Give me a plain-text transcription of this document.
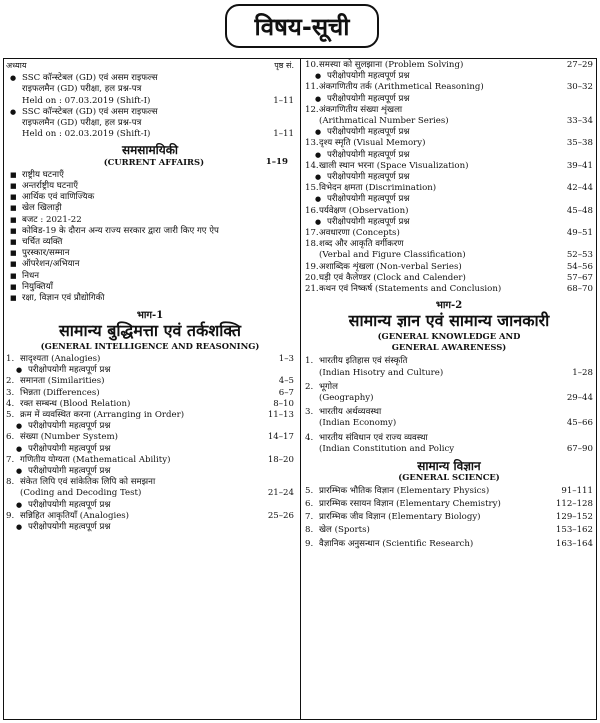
विषय-सूची
अध्याय	पृष्ठ सं.
● SSC कॉन्स्टेबल (GD) एवं असम राइफल्स
राइफलमैन (GD) परीक्षा, हल प्रश्न-पत्र
Held on : 07.03.2019 (Shift-I)	1–11
● SSC कॉन्स्टेबल (GD) एवं असम राइफल्स
राइफलमैन (GD) परीक्षा, हल प्रश्न-पत्र
Held on : 02.03.2019 (Shift-I)	1–11
समसामयिकी
(CURRENT AFFAIRS)	1–19
■ राष्ट्रीय घटनाएँ
■ अन्तर्राष्ट्रीय घटनाएँ
■ आर्थिक एवं वाणिज्यिक
■ खेल खिलाड़ी
■ बजट : 2021-22
■ कोविड-19 के दौरान अन्य राज्य सरकार द्वारा जारी किए गए ऐप
■ चर्चित व्यक्ति
■ पुरस्कार/सम्मान
■ ऑपरेशन/अभियान
■ निधन
■ नियुक्तियाँ
■ रक्षा, विज्ञान एवं प्रौद्योगिकी
भाग-1
सामान्य बुद्धिमत्ता एवं तर्कशक्ति
(GENERAL INTELLIGENCE AND REASONING)
1. सादृश्यता (Analogies)	1–3
● परीक्षोपयोगी महत्वपूर्ण प्रश्न
2. समानता (Similarities)	4–5
3. भिन्नता (Differences)	6–7
4. रक्त सम्बन्ध (Blood Relation)	8–10
5. क्रम में व्यवस्थित करना (Arranging in Order)	11–13
● परीक्षोपयोगी महत्वपूर्ण प्रश्न
6. संख्या (Number System)	14–17
● परीक्षोपयोगी महत्वपूर्ण प्रश्न
7. गणितीय योग्यता (Mathematical Ability)	18–20
● परीक्षोपयोगी महत्वपूर्ण प्रश्न
8. संकेत लिपि एवं सांकेतिक लिपि को समझना
(Coding and Decoding Test)	21–24
● परीक्षोपयोगी महत्वपूर्ण प्रश्न
9. सन्निहित आकृतियाँ (Analogies)	25–26
● परीक्षोपयोगी महत्वपूर्ण प्रश्न
10. समस्या को सुलझाना (Problem Solving)	27–29
● परीक्षोपयोगी महत्वपूर्ण प्रश्न
11. अंकगणितीय तर्क (Arithmetical Reasoning)	30–32
● परीक्षोपयोगी महत्वपूर्ण प्रश्न
12. अंकगणितीय संख्या शृंखला
(Arithmatical Number Series)	33–34
● परीक्षोपयोगी महत्वपूर्ण प्रश्न
13. दृश्य स्मृति (Visual Memory)	35–38
● परीक्षोपयोगी महत्वपूर्ण प्रश्न
14. खाली स्थान भरना (Space Visualization)	39–41
● परीक्षोपयोगी महत्वपूर्ण प्रश्न
15. विभेदन क्षमता (Discrimination)	42–44
● परीक्षोपयोगी महत्वपूर्ण प्रश्न
16. पर्यवेक्षण (Observation)	45–48
● परीक्षोपयोगी महत्वपूर्ण प्रश्न
17. अवधारणा (Concepts)	49–51
18. शब्द और आकृति वर्गीकरण
(Verbal and Figure Classification)	52–53
19. अशाब्दिक शृंखला (Non-verbal Series)	54–56
20. घड़ी एवं कैलेण्डर (Clock and Calender)	57–67
21. कथन एवं निष्कर्ष (Statements and Conclusion)	68–70
भाग-2
सामान्य ज्ञान एवं सामान्य जानकारी
(GENERAL KNOWLEDGE AND
GENERAL AWARENESS)
1. भारतीय इतिहास एवं संस्कृति
(Indian Hisotry and Culture)	1–28
2. भूगोल
(Geography)	29–44
3. भारतीय अर्थव्यवस्था
(Indian Economy)	45–66
4. भारतीय संविधान एवं राज्य व्यवस्था
(Indian Constitution and Policy	67–90
सामान्य विज्ञान
(GENERAL SCIENCE)
5. प्रारम्भिक भौतिक विज्ञान (Elementary Physics)	91–111
6. प्रारम्भिक रसायन विज्ञान (Elementary Chemistry)	112–128
7. प्रारम्भिक जीव विज्ञान (Elementary Biology)	129–152
8. खेल (Sports)	153–162
9. वैज्ञानिक अनुसन्धान (Scientific Research)	163–164
